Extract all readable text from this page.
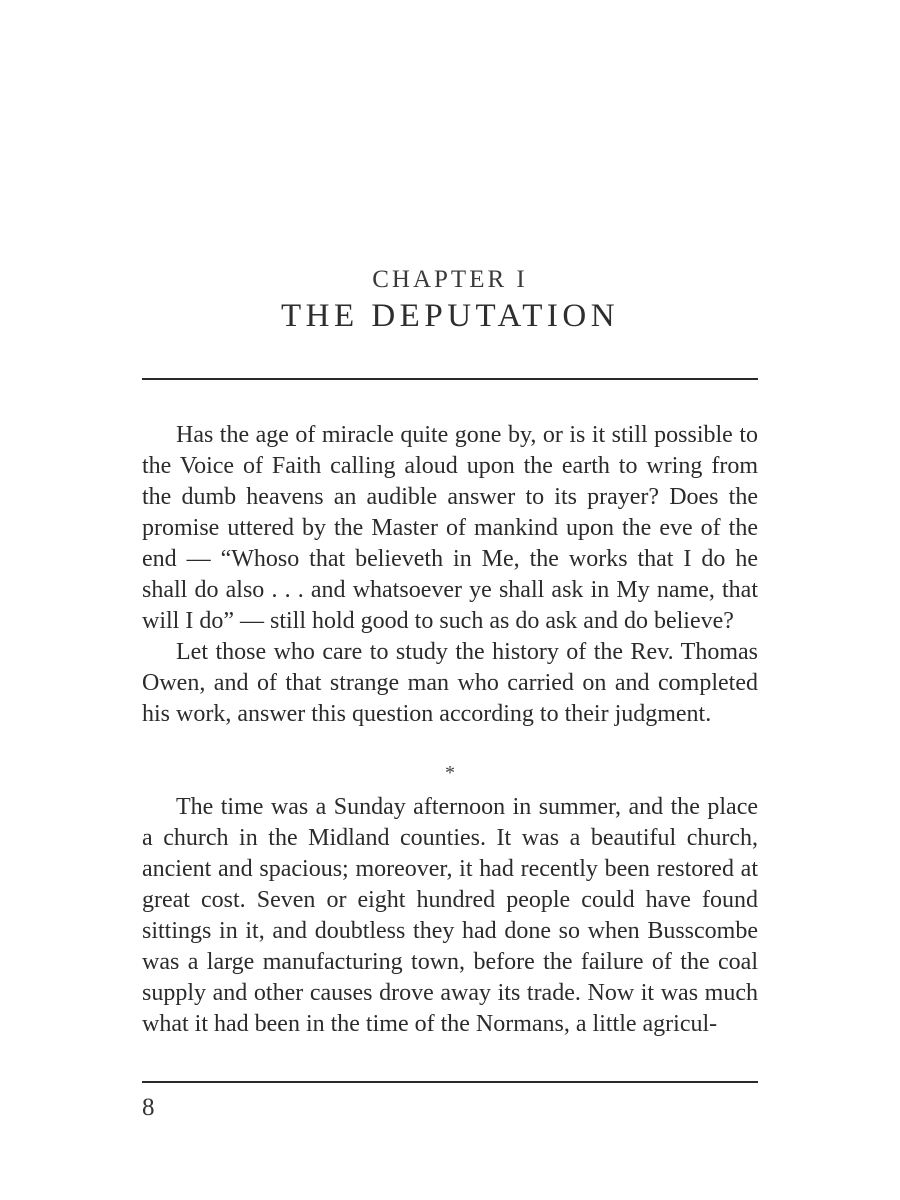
CHAPTER I
THE DEPUTATION

Has the age of miracle quite gone by, or is it still possible to the Voice of Faith calling aloud upon the earth to wring from the dumb heavens an audible answer to its prayer? Does the promise uttered by the Master of mankind upon the eve of the end — “Whoso that believeth in Me, the works that I do he shall do also . . . and whatsoever ye shall ask in My name, that will I do” — still hold good to such as do ask and do believe?

Let those who care to study the history of the Rev. Thomas Owen, and of that strange man who carried on and completed his work, answer this question according to their judgment.

*

The time was a Sunday afternoon in summer, and the place a church in the Midland counties. It was a beautiful church, ancient and spacious; moreover, it had recently been restored at great cost. Seven or eight hundred people could have found sittings in it, and doubtless they had done so when Busscombe was a large manufacturing town, before the failure of the coal supply and other causes drove away its trade. Now it was much what it had been in the time of the Normans, a little agricul-

8
